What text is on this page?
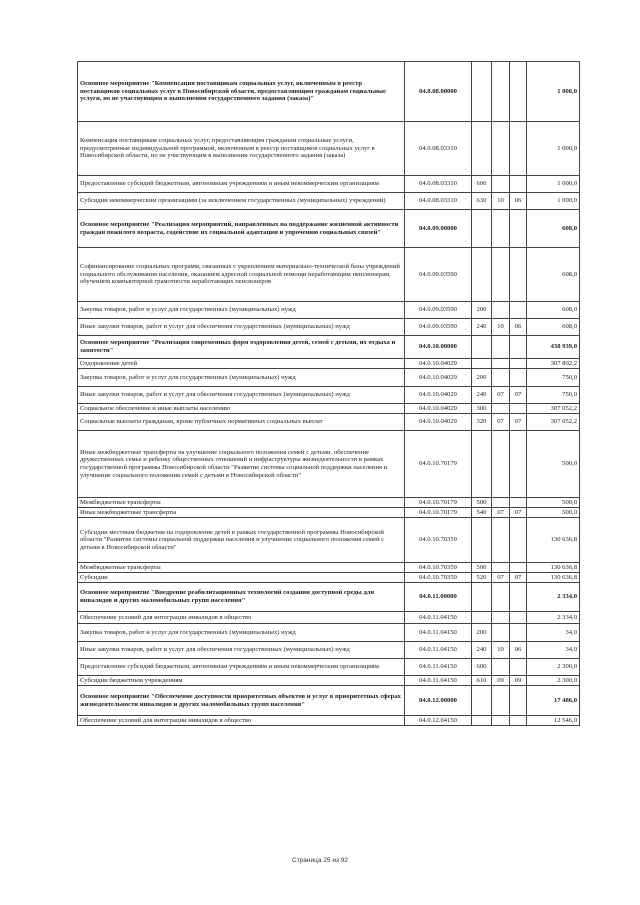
Основное мероприятие "Компенсация поставщикам социальных услуг, включенным в реестр поставщиков социальных услуг в Новосибирской области, предоставляющим гражданам социальные услуги, но не участвующим в выполнении государственного задания (заказа)"	04.0.08.00000				1 000,0
Компенсация поставщикам социальных услуг, предоставляющим гражданам социальные услуги, предусмотренные индивидуальной программой, включенным в реестр поставщиков социальных услуг в Новосибирской области, но не участвующим в выполнении государственного задания (заказа)	04.0.08.03310				1 000,0
Предоставление субсидий бюджетным, автономным учреждениям и иным некоммерческим организациям	04.0.08.03310	600			1 000,0
Субсидии некоммерческим организациям (за исключением государственных (муниципальных) учреждений)	04.0.08.03310	630	10	06	1 000,0
Основное мероприятие "Реализация мероприятий, направленных на поддержание жизненной активности граждан пожилого возраста, содействие их социальной адаптации и упрочению социальных связей"	04.0.09.00000				608,0
Софинансирование социальных программ, связанных с укреплением материально-технической базы учреждений социального обслуживания населения, оказанием адресной социальной помощи неработающим пенсионерам, обучением компьютерной грамотности неработающих пенсионеров	04.0.09.03590				608,0
Закупка товаров, работ и услуг для государственных (муниципальных) нужд	04.0.09.03590	200			608,0
Иные закупки товаров, работ и услуг для обеспечения государственных (муниципальных) нужд	04.0.09.03590	240	10	06	608,0
Основное мероприятие "Реализация современных форм оздоровления детей, семей с детьми, их отдыха и занятости"	04.0.10.00000				438 939,0
Оздоровление детей	04.0.10.04029				307 802,2
Закупка товаров, работ и услуг для государственных (муниципальных) нужд	04.0.10.04029	200			750,0
Иные закупки товаров, работ и услуг для обеспечения государственных (муниципальных) нужд	04.0.10.04029	240	07	07	750,0
Социальное обеспечение и иные выплаты населению	04.0.10.04029	300			307 052,2
Социальные выплаты гражданам, кроме публичных нормативных социальных выплат	04.0.10.04029	320	07	07	307 052,2
Иные межбюджетные трансферты на улучшение социального положения семей с детьми, обеспечение дружественных семье и ребенку общественных отношений и инфраструктуры жизнедеятельности в рамках государственной программы Новосибирской области "Развитие системы социальной поддержки населения и улучшение социального положения семей с детьми в Новосибирской области"	04.0.10.70179				500,0
Межбюджетные трансферты	04.0.10.70179	500			500,0
Иные межбюджетные трансферты	04.0.10.70179	540	07	07	500,0
Субсидии местным бюджетам на оздоровление детей в рамках государственной программы Новосибирской области "Развитие системы социальной поддержки населения и улучшение социального положения семей с детьми в Новосибирской области"	04.0.10.70359				130 636,8
Межбюджетные трансферты	04.0.10.70359	500			130 636,8
Субсидии	04.0.10.70359	520	07	07	130 636,8
Основное мероприятие "Внедрение реабилитационных технологий создании доступной среды для инвалидов и других маломобильных групп населения"	04.0.11.00000				2 334,0
Обеспечение условий для интеграции инвалидов в общество	04.0.11.04150				2 334,0
Закупка товаров, работ и услуг для государственных (муниципальных) нужд	04.0.11.04150	200			34,0
Иные закупки товаров, работ и услуг для обеспечения государственных (муниципальных) нужд	04.0.11.04150	240	10	06	34,0
Предоставление субсидий бюджетным, автономным учреждениям и иным некоммерческим организациям	04.0.11.04150	600			2 300,0
Субсидии бюджетным учреждениям	04.0.11.04150	610	09	09	2 300,0
Основное мероприятие "Обеспечение доступности приоритетных объектов и услуг в приоритетных сферах жизнедеятельности инвалидов и других маломобильных групп населения"	04.0.12.00000				17 486,0
Обеспечение условий для интеграции инвалидов в общество	04.0.12.04150				12 546,0
Страница 25 из 92
